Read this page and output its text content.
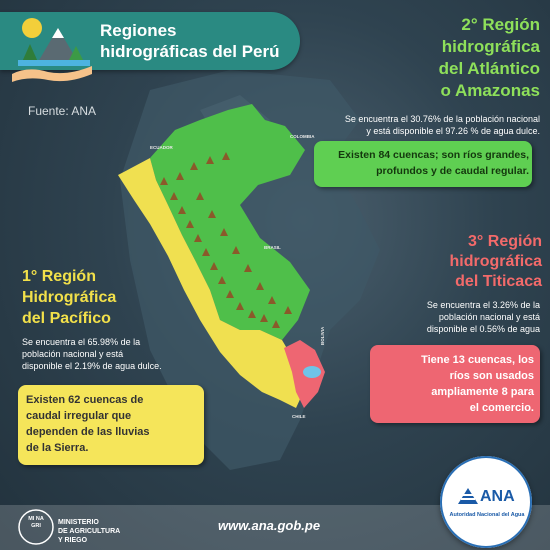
Regiones
hidrográficas del Perú
Fuente: ANA
ECUADOR
COLOMBIA
BRASIL
BOLIVIA
CHILE
2° Región
hidrográfica
del Atlántico
o Amazonas
Se encuentra el 30.76% de la población nacional
y está disponible el 97.26 % de agua dulce.
Existen 84 cuencas; son ríos grandes,
profundos y de caudal regular.
3° Región
hidrográfica
del Titicaca
Se encuentra el 3.26% de la
población nacional y está
disponible el 0.56% de agua
Tiene 13 cuencas, los
ríos son usados
ampliamente 8 para
el comercio.
1° Región
Hidrográfica
del Pacífico
Se encuentra el 65.98% de la
población nacional y está
disponible el 2.19% de agua dulce.
Existen 62 cuencas de
caudal irregular que
dependen de las lluvias
de la Sierra.
MI NA GRI	MINISTERIO
DE AGRICULTURA
Y RIEGO
www.ana.gob.pe
ANA
Autoridad Nacional del Agua
